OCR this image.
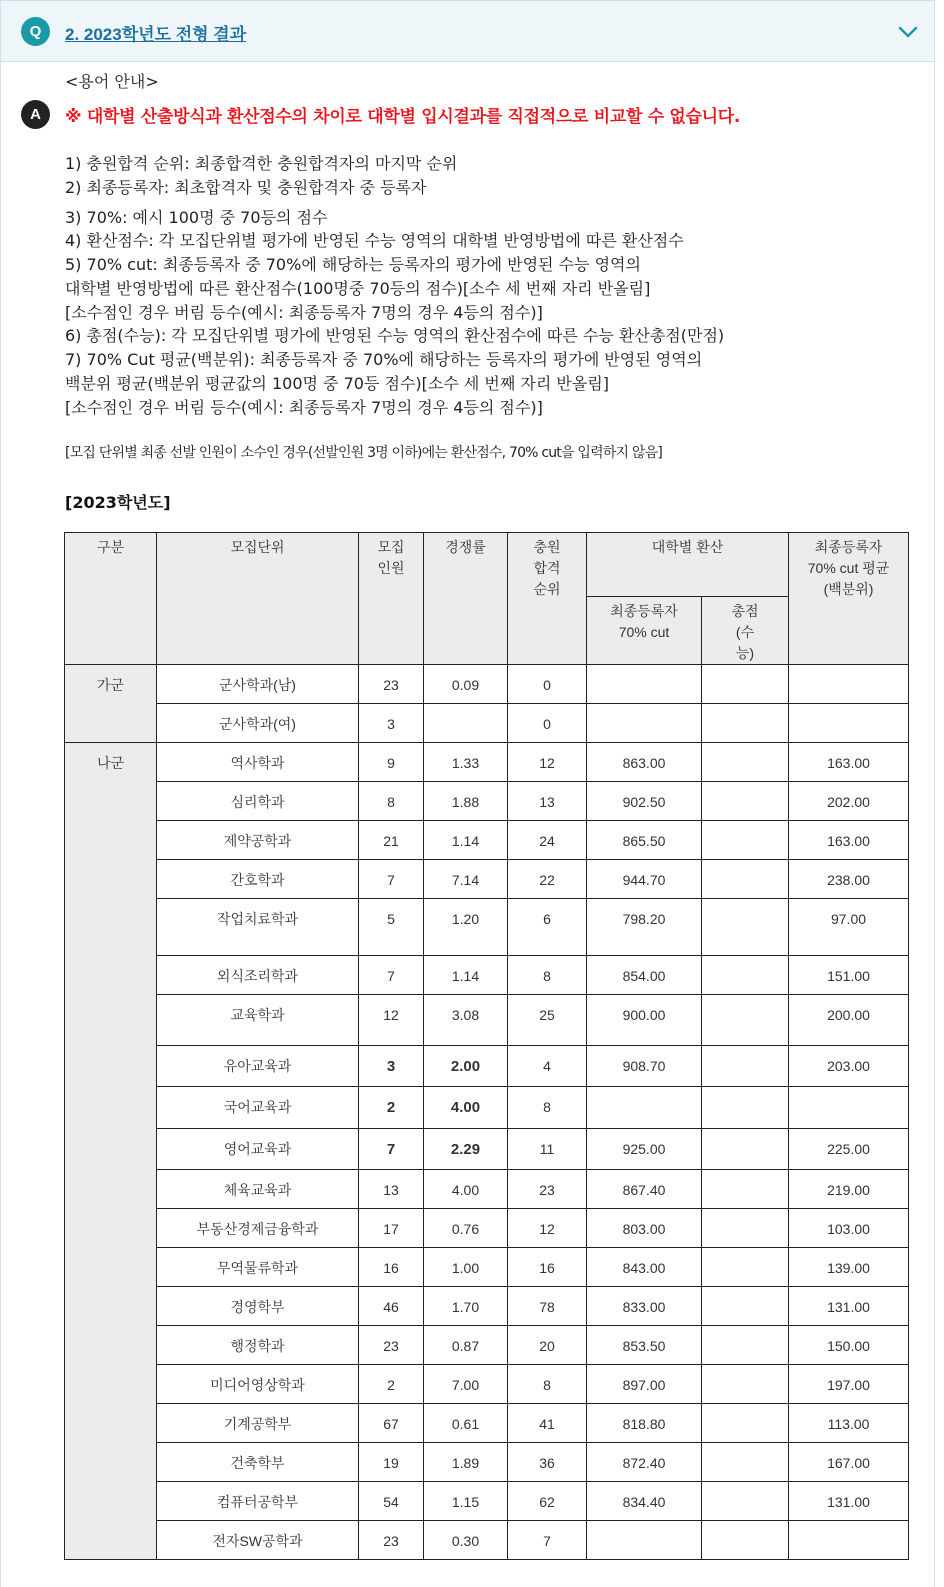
Q	2. 2023학년도 전형 결과
<용어 안내>
A	※ 대학별 산출방식과 환산점수의 차이로 대학별 입시결과를 직접적으로 비교할 수 없습니다.
1) 충원합격 순위: 최종합격한 충원합격자의 마지막 순위
2) 최종등록자: 최초합격자 및 충원합격자 중 등록자
3) 70%: 예시 100명 중 70등의 점수
4) 환산점수: 각 모집단위별 평가에 반영된 수능 영역의 대학별 반영방법에 따른 환산점수
5) 70% cut: 최종등록자 중 70%에 해당하는 등록자의 평가에 반영된 수능 영역의
대학별 반영방법에 따른 환산점수(100명중 70등의 점수)[소수 세 번째 자리 반올림]
[소수점인 경우 버림 등수(예시: 최종등록자 7명의 경우 4등의 점수)]
6) 총점(수능): 각 모집단위별 평가에 반영된 수능 영역의 환산점수에 따른 수능 환산총점(만점)
7) 70% Cut 평균(백분위): 최종등록자 중 70%에 해당하는 등록자의 평가에 반영된 영역의
백분위 평균(백분위 평균값의 100명 중 70등 점수)[소수 세 번째 자리 반올림]
[소수점인 경우 버림 등수(예시: 최종등록자 7명의 경우 4등의 점수)]
[모집 단위별 최종 선발 인원이 소수인 경우(선발인원 3명 이하)에는 환산점수, 70% cut을 입력하지 않음]
[2023학년도]
구분	모집단위	모집 인원	경쟁률	충원 합격 순위	대학별 환산		최종등록자 70% cut 평균 (백분위)
					최종등록자 70% cut	총점 (수능)	
가군	군사학과(남)	23	0.09	0			
	군사학과(여)	3		0			
나군	역사학과	9	1.33	12	863.00		163.00
	심리학과	8	1.88	13	902.50		202.00
	제약공학과	21	1.14	24	865.50		163.00
	간호학과	7	7.14	22	944.70		238.00
	작업치료학과	5	1.20	6	798.20		97.00
	외식조리학과	7	1.14	8	854.00		151.00
	교육학과	12	3.08	25	900.00		200.00
	유아교육과	3	2.00	4	908.70		203.00
	국어교육과	2	4.00	8			
	영어교육과	7	2.29	11	925.00		225.00
	체육교육과	13	4.00	23	867.40		219.00
	부동산경제금융학과	17	0.76	12	803.00		103.00
	무역물류학과	16	1.00	16	843.00		139.00
	경영학부	46	1.70	78	833.00		131.00
	행정학과	23	0.87	20	853.50		150.00
	미디어영상학과	2	7.00	8	897.00		197.00
	기계공학부	67	0.61	41	818.80		113.00
	건축학부	19	1.89	36	872.40		167.00
	컴퓨터공학부	54	1.15	62	834.40		131.00
	전자SW공학과	23	0.30	7			
